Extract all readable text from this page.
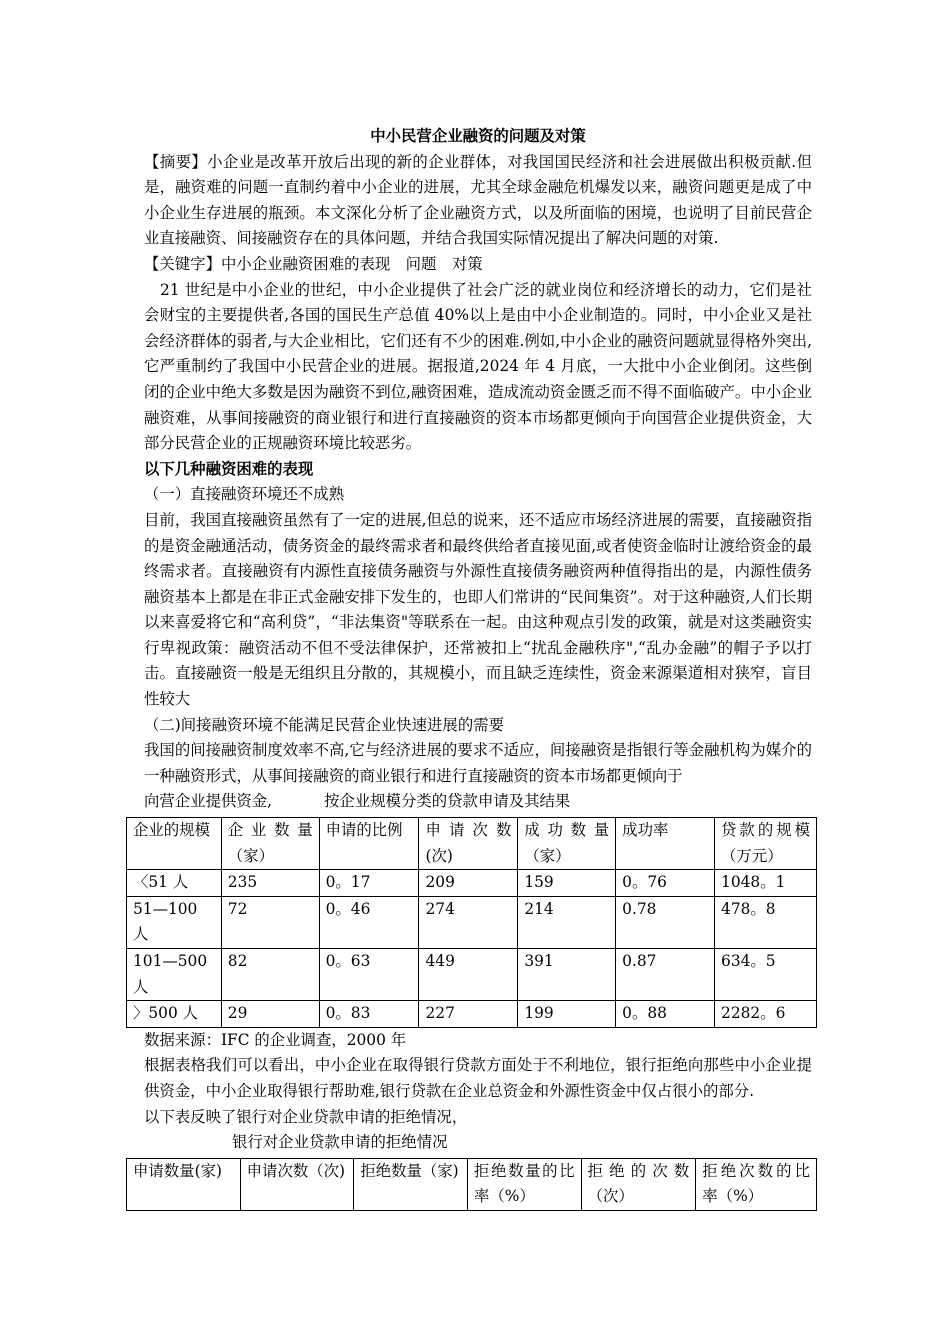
中小民营企业融资的问题及对策

【摘要】小企业是改革开放后出现的新的企业群体，对我国国民经济和社会进展做出积极贡献.但是，融资难的问题一直制约着中小企业的进展，尤其全球金融危机爆发以来，融资问题更是成了中小企业生存进展的瓶颈。本文深化分析了企业融资方式，以及所面临的困境，也说明了目前民营企业直接融资、间接融资存在的具体问题，并结合我国实际情况提出了解决问题的对策.

【关键字】中小企业融资困难的表现　问题　对策

21 世纪是中小企业的世纪，中小企业提供了社会广泛的就业岗位和经济增长的动力，它们是社会财宝的主要提供者,各国的国民生产总值 40%以上是由中小企业制造的。同时，中小企业又是社会经济群体的弱者,与大企业相比，它们还有不少的困难.例如,中小企业的融资问题就显得格外突出,它严重制约了我国中小民营企业的进展。据报道,2024 年 4 月底，一大批中小企业倒闭。这些倒闭的企业中绝大多数是因为融资不到位,融资困难，造成流动资金匮乏而不得不面临破产。中小企业融资难，从事间接融资的商业银行和进行直接融资的资本市场都更倾向于向国营企业提供资金，大部分民营企业的正规融资环境比较恶劣。

以下几种融资困难的表现

（一）直接融资环境还不成熟

目前，我国直接融资虽然有了一定的进展,但总的说来，还不适应市场经济进展的需要，直接融资指的是资金融通活动，债务资金的最终需求者和最终供给者直接见面,或者使资金临时让渡给资金的最终需求者。直接融资有内源性直接债务融资与外源性直接债务融资两种值得指出的是，内源性债务融资基本上都是在非正式金融安排下发生的，也即人们常讲的“民间集资”。对于这种融资,人们长期以来喜爱将它和“高利贷”，“非法集资"等联系在一起。由这种观点引发的政策，就是对这类融资实行卑视政策：融资活动不但不受法律保护，还常被扣上“扰乱金融秩序",“乱办金融”的帽子予以打击。直接融资一般是无组织且分散的，其规模小，而且缺乏连续性，资金来源渠道相对狭窄，盲目性较大

（二)间接融资环境不能满足民营企业快速进展的需要

我国的间接融资制度效率不高,它与经济进展的要求不适应，间接融资是指银行等金融机构为媒介的一种融资形式，从事间接融资的商业银行和进行直接融资的资本市场都更倾向于

向营企业提供资金,	按企业规模分类的贷款申请及其结果

企业的规模	企业数量（家）	申请的比例	申请次数(次)	成功数量（家）	成功率	贷款的规模（万元）
〈51 人	235	0。17	209	159	0。76	1048。1
51—100 人	72	0。46	274	214	0.78	478。8
101—500 人	82	0。63	449	391	0.87	634。5
〉500 人	29	0。83	227	199	0。88	2282。6

数据来源：IFC 的企业调查，2000 年

根据表格我们可以看出，中小企业在取得银行贷款方面处于不利地位，银行拒绝向那些中小企业提供资金，中小企业取得银行帮助难,银行贷款在企业总资金和外源性资金中仅占很小的部分.

以下表反映了银行对企业贷款申请的拒绝情况，

银行对企业贷款申请的拒绝情况

申请数量(家)	申请次数（次)	拒绝数量（家)	拒绝数量的比率（%）	拒绝的次数（次）	拒绝次数的比率（%）
